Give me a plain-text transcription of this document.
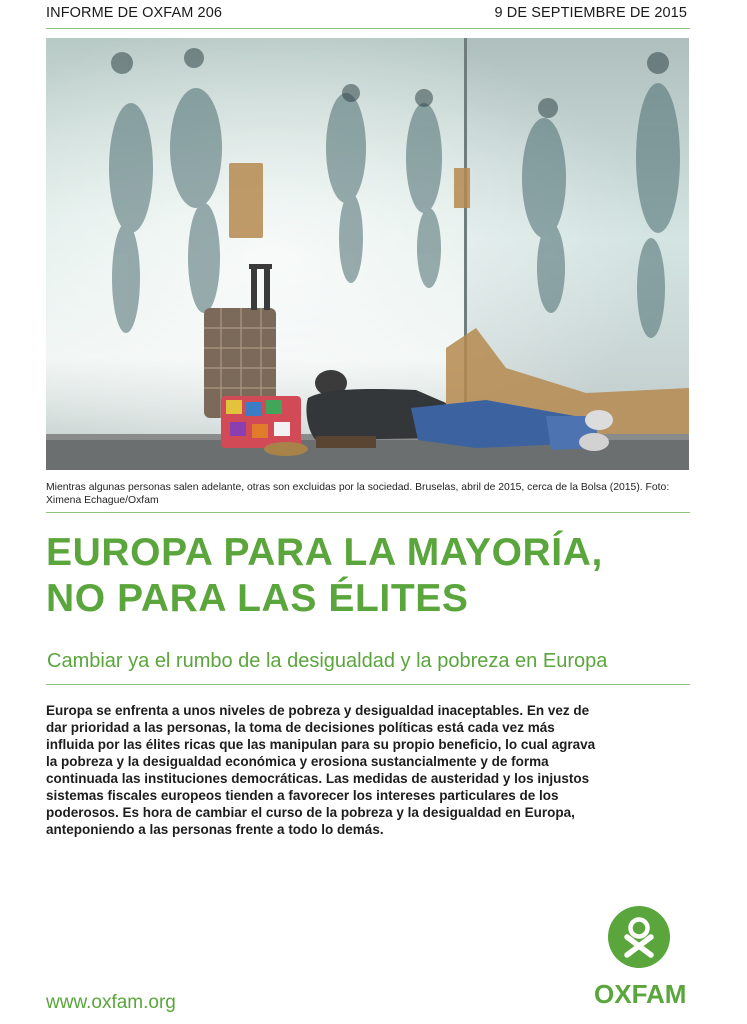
INFORME DE OXFAM 206	9 DE SEPTIEMBRE DE 2015
Mientras algunas personas salen adelante, otras son excluidas por la sociedad. Bruselas, abril de 2015, cerca de la Bolsa (2015). Foto: Ximena Echague/Oxfam
EUROPA PARA LA MAYORÍA,
NO PARA LAS ÉLITES
Cambiar ya el rumbo de la desigualdad y la pobreza en Europa
Europa se enfrenta a unos niveles de pobreza y desigualdad inaceptables. En vez de dar prioridad a las personas, la toma de decisiones políticas está cada vez más influida por las élites ricas que las manipulan para su propio beneficio, lo cual agrava la pobreza y la desigualdad económica y erosiona sustancialmente y de forma continuada las instituciones democráticas. Las medidas de austeridad y los injustos sistemas fiscales europeos tienden a favorecer los intereses particulares de los poderosos. Es hora de cambiar el curso de la pobreza y la desigualdad en Europa, anteponiendo a las personas frente a todo lo demás.
www.oxfam.org	OXFAM
